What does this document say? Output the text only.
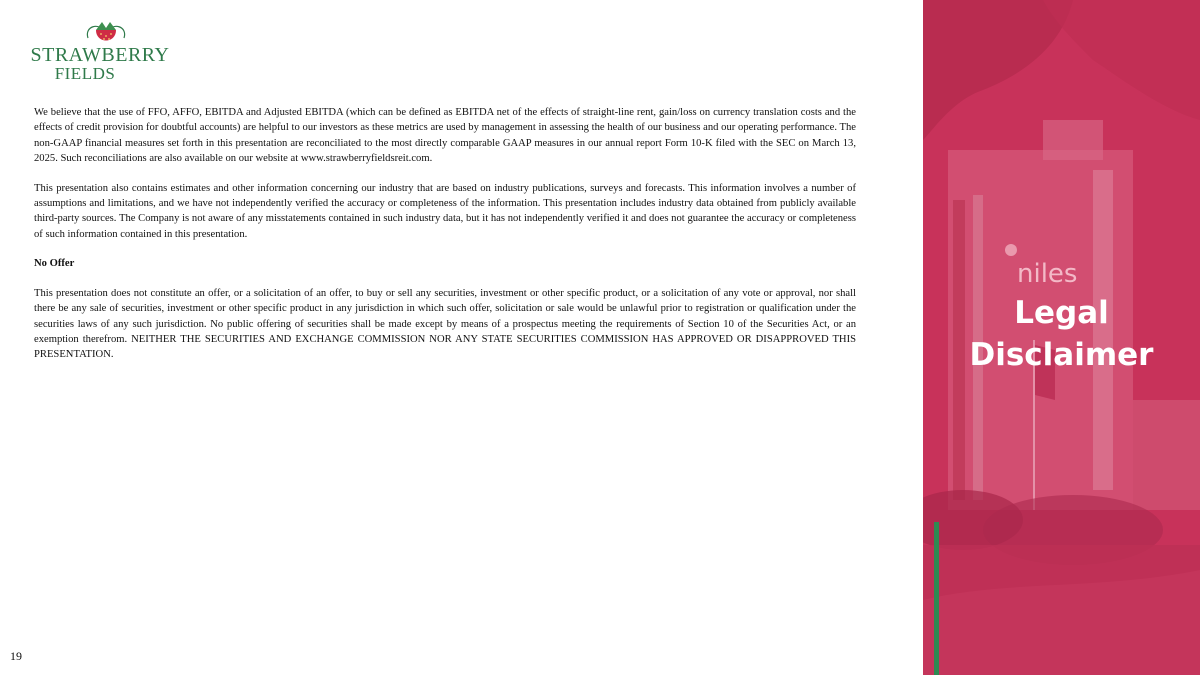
STRAWBERRY
FIELDS

We believe that the use of FFO, AFFO, EBITDA and Adjusted EBITDA (which can be defined as EBITDA net of the effects of straight-line rent, gain/loss on currency translation costs and the effects of credit provision for doubtful accounts) are helpful to our investors as these metrics are used by management in assessing the health of our business and our operating performance. The non-GAAP financial measures set forth in this presentation are reconciliated to the most directly comparable GAAP measures in our annual report Form 10-K filed with the SEC on March 13, 2025. Such reconciliations are also available on our website at www.strawberryfieldsreit.com.

This presentation also contains estimates and other information concerning our industry that are based on industry publications, surveys and forecasts. This information involves a number of assumptions and limitations, and we have not independently verified the accuracy or completeness of the information. This presentation includes industry data obtained from publicly available third-party sources. The Company is not aware of any misstatements contained in such industry data, but it has not independently verified it and does not guarantee the accuracy or completeness of such information contained in this presentation.

No Offer

This presentation does not constitute an offer, or a solicitation of an offer, to buy or sell any securities, investment or other specific product, or a solicitation of any vote or approval, nor shall there be any sale of securities, investment or other specific product in any jurisdiction in which such offer, solicitation or sale would be unlawful prior to registration or qualification under the securities laws of any such jurisdiction. No public offering of securities shall be made except by means of a prospectus meeting the requirements of Section 10 of the Securities Act, or an exemption therefrom. NEITHER THE SECURITIES AND EXCHANGE COMMISSION NOR ANY STATE SECURITIES COMMISSION HAS APPROVED OR DISAPPROVED THIS PRESENTATION.

19
niles
Legal
Disclaimer
